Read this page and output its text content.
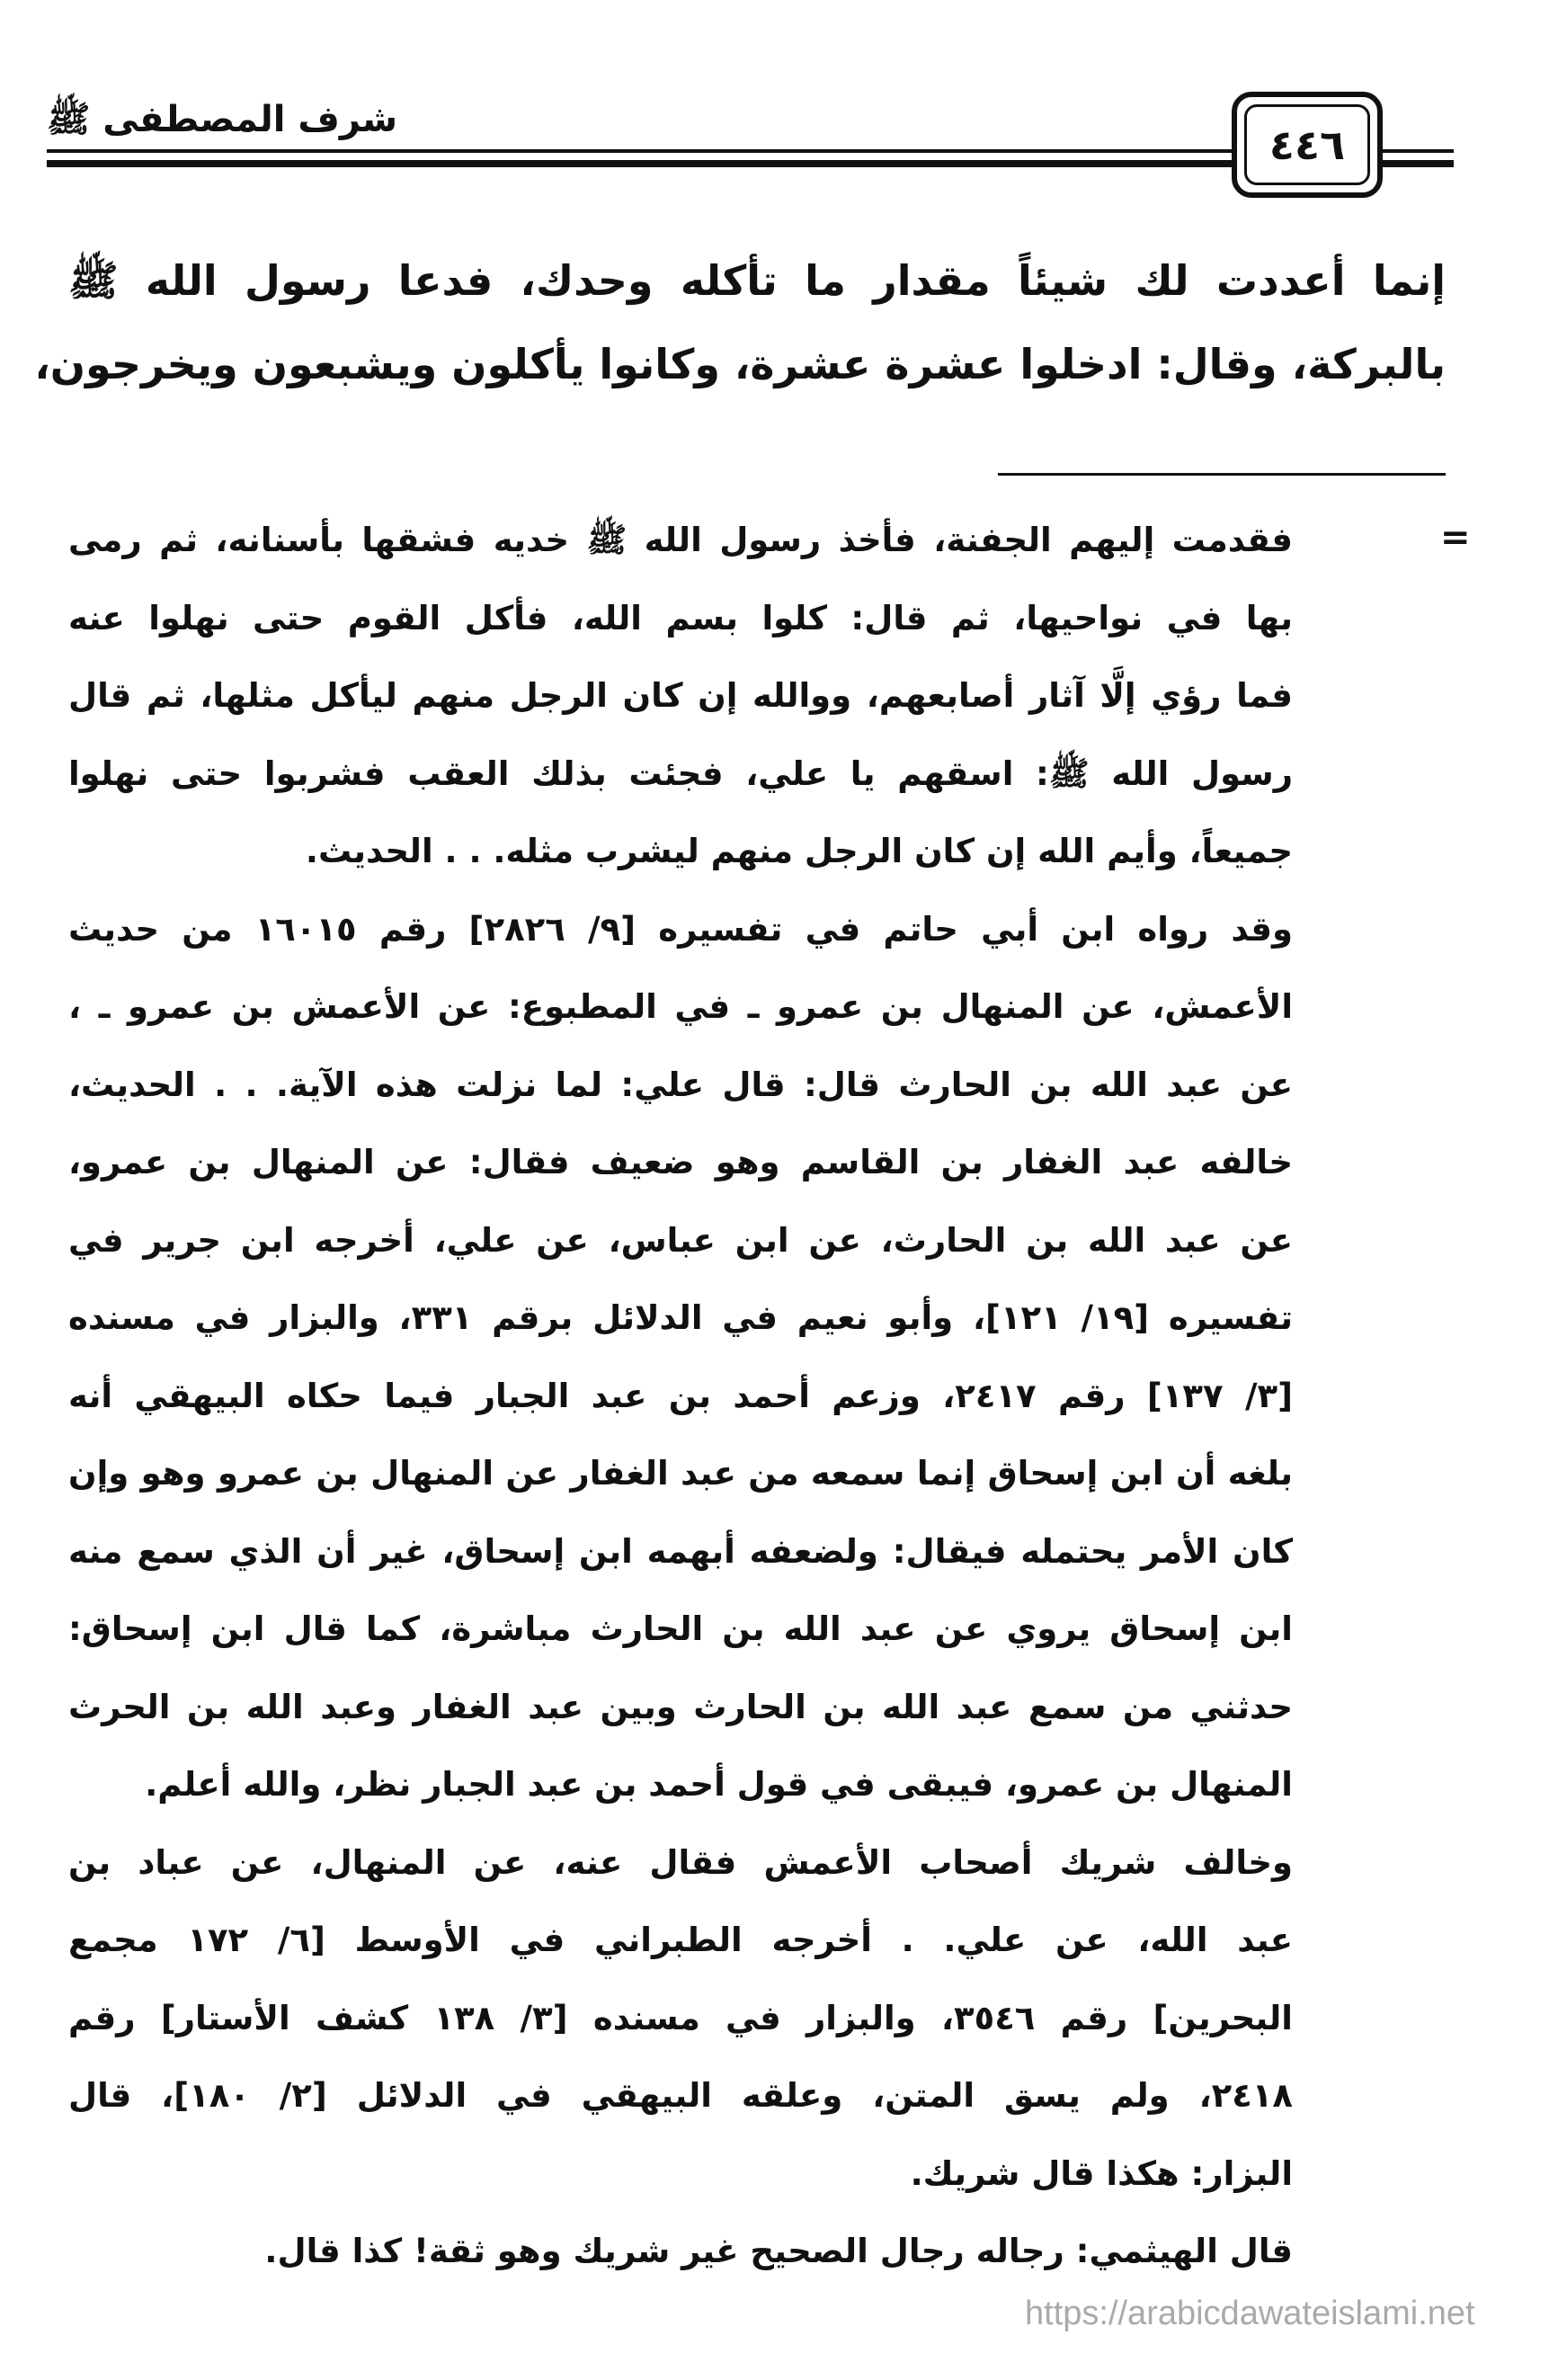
شرف المصطفى ﷺ
٤٤٦
إنما أعددت لك شيئاً مقدار ما تأكله وحدك، فدعا رسول الله ﷺ
بالبركة، وقال: ادخلوا عشرة عشرة، وكانوا يأكلون ويشبعون ويخرجون،
=
فقدمت إليهم الجفنة، فأخذ رسول الله ﷺ خديه فشقها بأسنانه، ثم رمى
بها في نواحيها، ثم قال: كلوا بسم الله، فأكل القوم حتى نهلوا عنه
فما رؤي إلَّا آثار أصابعهم، ووالله إن كان الرجل منهم ليأكل مثلها، ثم قال
رسول الله ﷺ: اسقهم يا علي، فجئت بذلك العقب فشربوا حتى نهلوا
جميعاً، وأيم الله إن كان الرجل منهم ليشرب مثله. . . الحديث.
وقد رواه ابن أبي حاتم في تفسيره [٩/ ٢٨٢٦] رقم ١٦٠١٥ من حديث
الأعمش، عن المنهال بن عمرو ـ في المطبوع: عن الأعمش بن عمرو ـ ،
عن عبد الله بن الحارث قال: قال علي: لما نزلت هذه الآية. . . الحديث،
خالفه عبد الغفار بن القاسم وهو ضعيف فقال: عن المنهال بن عمرو،
عن عبد الله بن الحارث، عن ابن عباس، عن علي، أخرجه ابن جرير في
تفسيره [١٩/ ١٢١]، وأبو نعيم في الدلائل برقم ٣٣١، والبزار في مسنده
[٣/ ١٣٧] رقم ٢٤١٧، وزعم أحمد بن عبد الجبار فيما حكاه البيهقي أنه
بلغه أن ابن إسحاق إنما سمعه من عبد الغفار عن المنهال بن عمرو وهو وإن
كان الأمر يحتمله فيقال: ولضعفه أبهمه ابن إسحاق، غير أن الذي سمع منه
ابن إسحاق يروي عن عبد الله بن الحارث مباشرة، كما قال ابن إسحاق:
حدثني من سمع عبد الله بن الحارث وبين عبد الغفار وعبد الله بن الحرث
المنهال بن عمرو، فيبقى في قول أحمد بن عبد الجبار نظر، والله أعلم.
وخالف شريك أصحاب الأعمش فقال عنه، عن المنهال، عن عباد بن
عبد الله، عن علي. . أخرجه الطبراني في الأوسط [٦/ ١٧٢ مجمع
البحرين] رقم ٣٥٤٦، والبزار في مسنده [٣/ ١٣٨ كشف الأستار] رقم
٢٤١٨، ولم يسق المتن، وعلقه البيهقي في الدلائل [٢/ ١٨٠]، قال
البزار: هكذا قال شريك.
قال الهيثمي: رجاله رجال الصحيح غير شريك وهو ثقة! كذا قال.
https://arabicdawateislami.net
